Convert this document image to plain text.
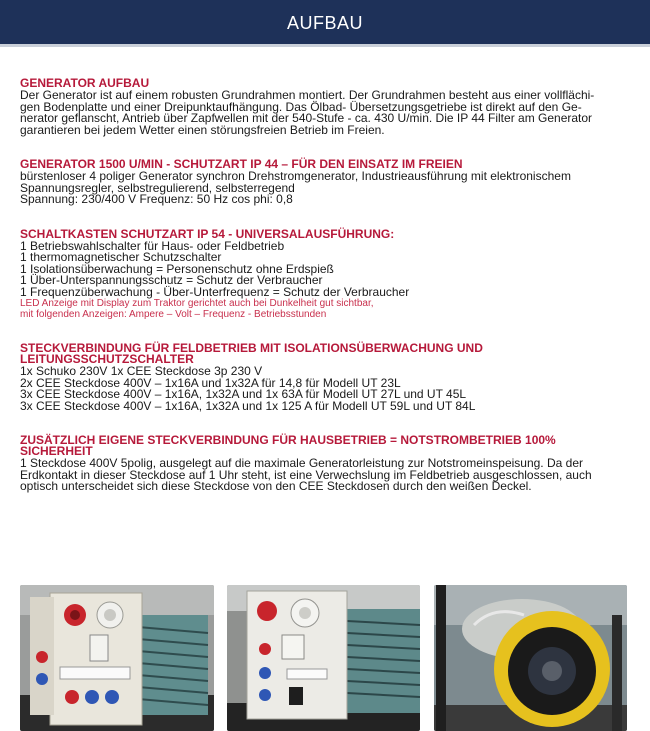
AUFBAU
GENERATOR AUFBAU
Der Generator ist auf einem robusten Grundrahmen montiert. Der Grundrahmen besteht aus einer vollflächi-
gen Bodenplatte und einer Dreipunktaufhängung. Das Ölbad- Übersetzungsgetriebe ist direkt auf den Ge-
nerator geflanscht, Antrieb über Zapfwellen mit der 540-Stufe - ca. 430 U/min. Die IP 44 Filter am Generator
garantieren bei jedem Wetter einen störungsfreien Betrieb im Freien.
GENERATOR 1500 U/MIN - SCHUTZART IP 44 – FÜR DEN EINSATZ IM FREIEN
bürstenloser 4 poliger Generator synchron Drehstromgenerator, Industrieausführung mit elektronischem
Spannungsregler, selbstregulierend, selbsterregend
Spannung: 230/400 V Frequenz: 50 Hz cos phi: 0,8
SCHALTKASTEN SCHUTZART IP 54 - UNIVERSALAUSFÜHRUNG:
1 Betriebswahlschalter für Haus- oder Feldbetrieb
1 thermomagnetischer Schutzschalter
1 Isolationsüberwachung = Personenschutz ohne Erdspieß
1 Über-Unterspannungsschutz = Schutz der Verbraucher
1 Frequenzüberwachung - Über-Unterfrequenz = Schutz der Verbraucher
LED Anzeige mit Display zum Traktor gerichtet auch bei Dunkelheit gut sichtbar,
mit folgenden Anzeigen: Ampere – Volt – Frequenz - Betriebsstunden
STECKVERBINDUNG FÜR FELDBETRIEB MIT ISOLATIONSÜBERWACHUNG UND
LEITUNGSSCHUTZSCHALTER
1x Schuko 230V 1x CEE Steckdose 3p 230 V
2x CEE Steckdose 400V – 1x16A und 1x32A für 14,8 für Modell UT 23L
3x CEE Steckdose 400V – 1x16A, 1x32A und 1x 63A für Modell UT 27L und UT 45L
3x CEE Steckdose 400V – 1x16A, 1x32A und 1x 125 A für Modell UT 59L und UT 84L
ZUSÄTZLICH EIGENE STECKVERBINDUNG FÜR HAUSBETRIEB = NOTSTROMBETRIEB 100%
SICHERHEIT
1 Steckdose 400V 5polig, ausgelegt auf die maximale Generatorleistung zur Notstromeinspeisung. Da der
Erdkontakt in dieser Steckdose auf 1 Uhr steht, ist eine Verwechslung im Feldbetrieb ausgeschlossen, auch
optisch unterscheidet sich diese Steckdose von den CEE Steckdosen durch den weißen Deckel.
